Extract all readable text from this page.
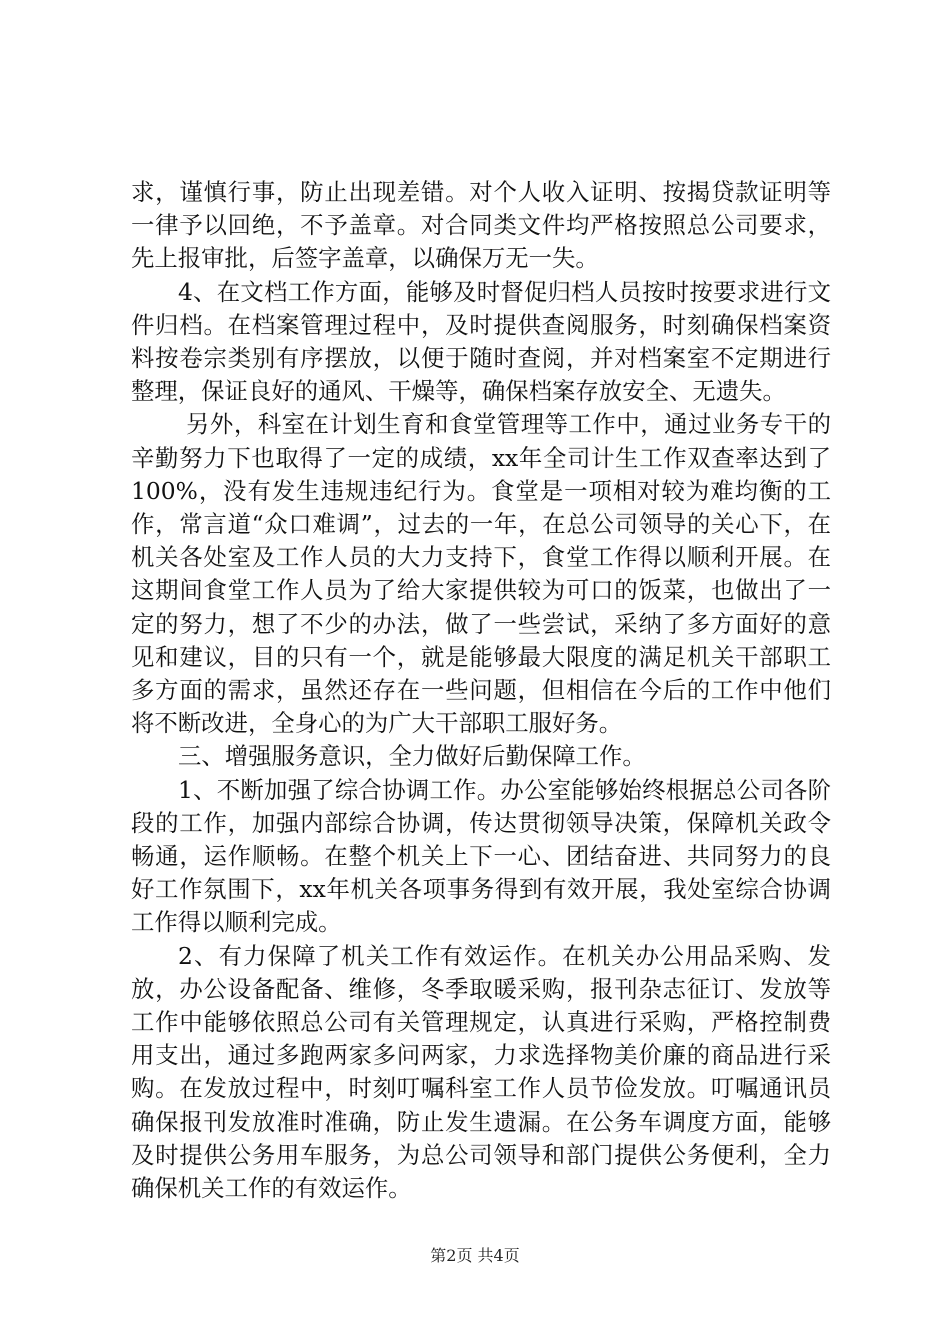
求，谨慎行事，防止出现差错。对个人收入证明、按揭贷款证明等一律予以回绝，不予盖章。对合同类文件均严格按照总公司要求，先上报审批，后签字盖章，以确保万无一失。

4、在文档工作方面，能够及时督促归档人员按时按要求进行文件归档。在档案管理过程中，及时提供查阅服务，时刻确保档案资料按卷宗类别有序摆放，以便于随时查阅，并对档案室不定期进行整理，保证良好的通风、干燥等，确保档案存放安全、无遗失。

另外，科室在计划生育和食堂管理等工作中，通过业务专干的辛勤努力下也取得了一定的成绩，xx年全司计生工作双查率达到了100%，没有发生违规违纪行为。食堂是一项相对较为难均衡的工作，常言道“众口难调”，过去的一年，在总公司领导的关心下，在机关各处室及工作人员的大力支持下，食堂工作得以顺利开展。在这期间食堂工作人员为了给大家提供较为可口的饭菜，也做出了一定的努力，想了不少的办法，做了一些尝试，采纳了多方面好的意见和建议，目的只有一个，就是能够最大限度的满足机关干部职工多方面的需求，虽然还存在一些问题，但相信在今后的工作中他们将不断改进，全身心的为广大干部职工服好务。

三、增强服务意识，全力做好后勤保障工作。

1、不断加强了综合协调工作。办公室能够始终根据总公司各阶段的工作，加强内部综合协调，传达贯彻领导决策，保障机关政令畅通，运作顺畅。在整个机关上下一心、团结奋进、共同努力的良好工作氛围下，xx年机关各项事务得到有效开展，我处室综合协调工作得以顺利完成。

2、有力保障了机关工作有效运作。在机关办公用品采购、发放，办公设备配备、维修，冬季取暖采购，报刊杂志征订、发放等工作中能够依照总公司有关管理规定，认真进行采购，严格控制费用支出，通过多跑两家多问两家，力求选择物美价廉的商品进行采购。在发放过程中，时刻叮嘱科室工作人员节俭发放。叮嘱通讯员确保报刊发放准时准确，防止发生遗漏。在公务车调度方面，能够及时提供公务用车服务，为总公司领导和部门提供公务便利，全力确保机关工作的有效运作。

第2页 共4页
